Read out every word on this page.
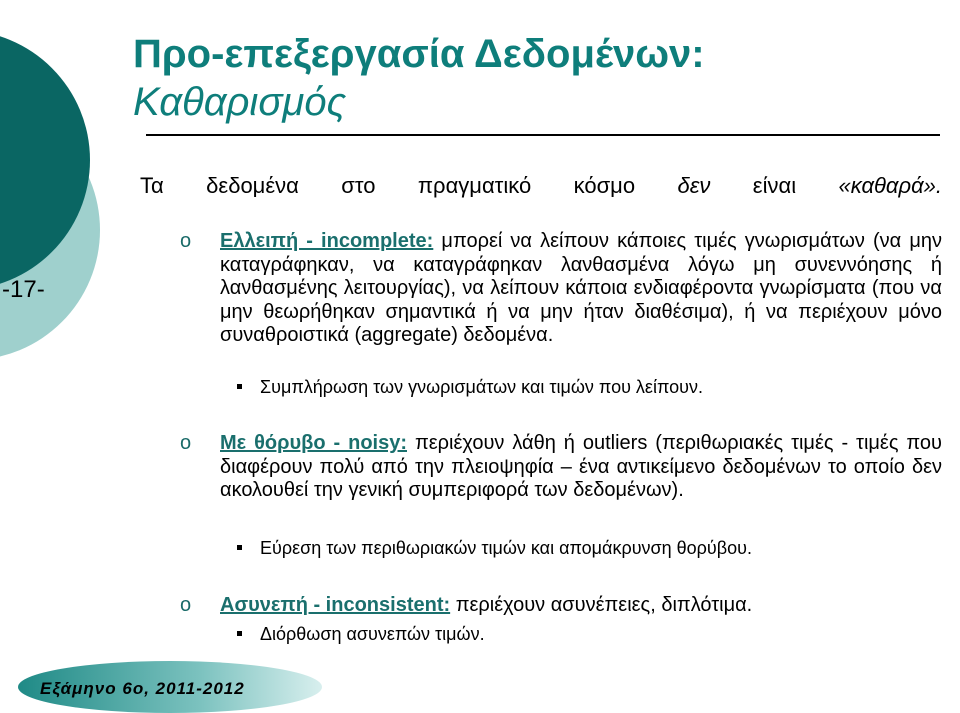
-17-
Προ-επεξεργασία Δεδομένων:
Καθαρισμός
Τα δεδομένα στο πραγματικό κόσμο δεν είναι «καθαρά».
o Ελλειπή - incomplete: μπορεί να λείπουν κάποιες τιμές γνωρισμάτων (να μην καταγράφηκαν, να καταγράφηκαν λανθασμένα λόγω μη συνεννόησης ή λανθασμένης λειτουργίας), να λείπουν κάποια ενδιαφέροντα γνωρίσματα (που να μην θεωρήθηκαν σημαντικά ή να μην ήταν διαθέσιμα), ή να περιέχουν μόνο συναθροιστικά (aggregate) δεδομένα.
Συμπλήρωση των γνωρισμάτων και τιμών που λείπουν.
o Με θόρυβο - noisy: περιέχουν λάθη ή outliers (περιθωριακές τιμές - τιμές που διαφέρουν πολύ από την πλειοψηφία – ένα αντικείμενο δεδομένων το οποίο δεν ακολουθεί την γενική συμπεριφορά των δεδομένων).
Εύρεση των περιθωριακών τιμών και απομάκρυνση θορύβου.
o Ασυνεπή - inconsistent: περιέχουν ασυνέπειες, διπλότιμα.
Διόρθωση ασυνεπών τιμών.
Εξάμηνο 6ο, 2011-2012
